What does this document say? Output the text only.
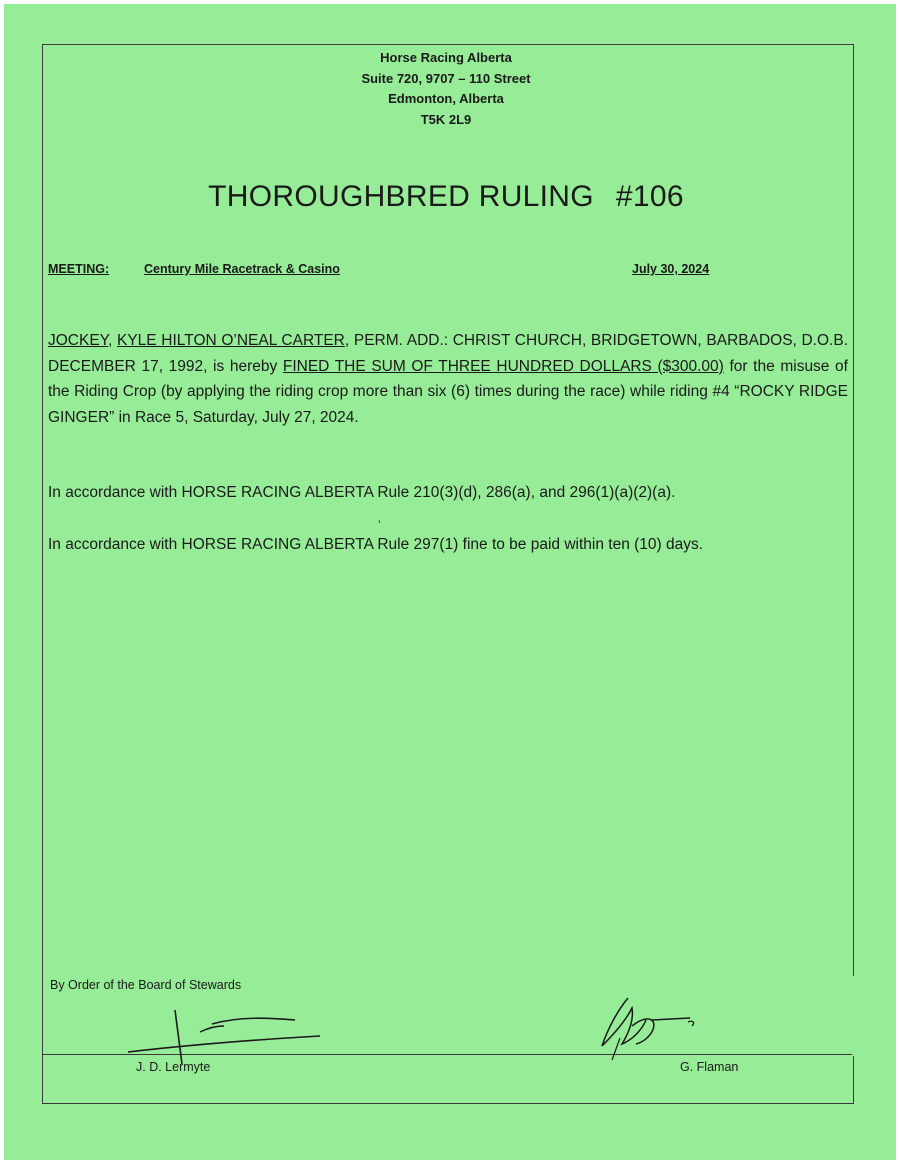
Horse Racing Alberta
Suite 720, 9707 – 110 Street
Edmonton, Alberta
T5K 2L9
THOROUGHBRED RULING #106
MEETING:	Century Mile Racetrack & Casino	July 30, 2024
JOCKEY, KYLE HILTON O’NEAL CARTER, PERM. ADD.: CHRIST CHURCH, BRIDGETOWN, BARBADOS, D.O.B. DECEMBER 17, 1992, is hereby FINED THE SUM OF THREE HUNDRED DOLLARS ($300.00) for the misuse of the Riding Crop (by applying the riding crop more than six (6) times during the race) while riding #4 “ROCKY RIDGE GINGER” in Race 5, Saturday, July 27, 2024.
In accordance with HORSE RACING ALBERTA Rule 210(3)(d), 286(a), and 296(1)(a)(2)(a).
’
In accordance with HORSE RACING ALBERTA Rule 297(1) fine to be paid within ten (10) days.
By Order of the Board of Stewards
J. D. Lermyte	G. Flaman
